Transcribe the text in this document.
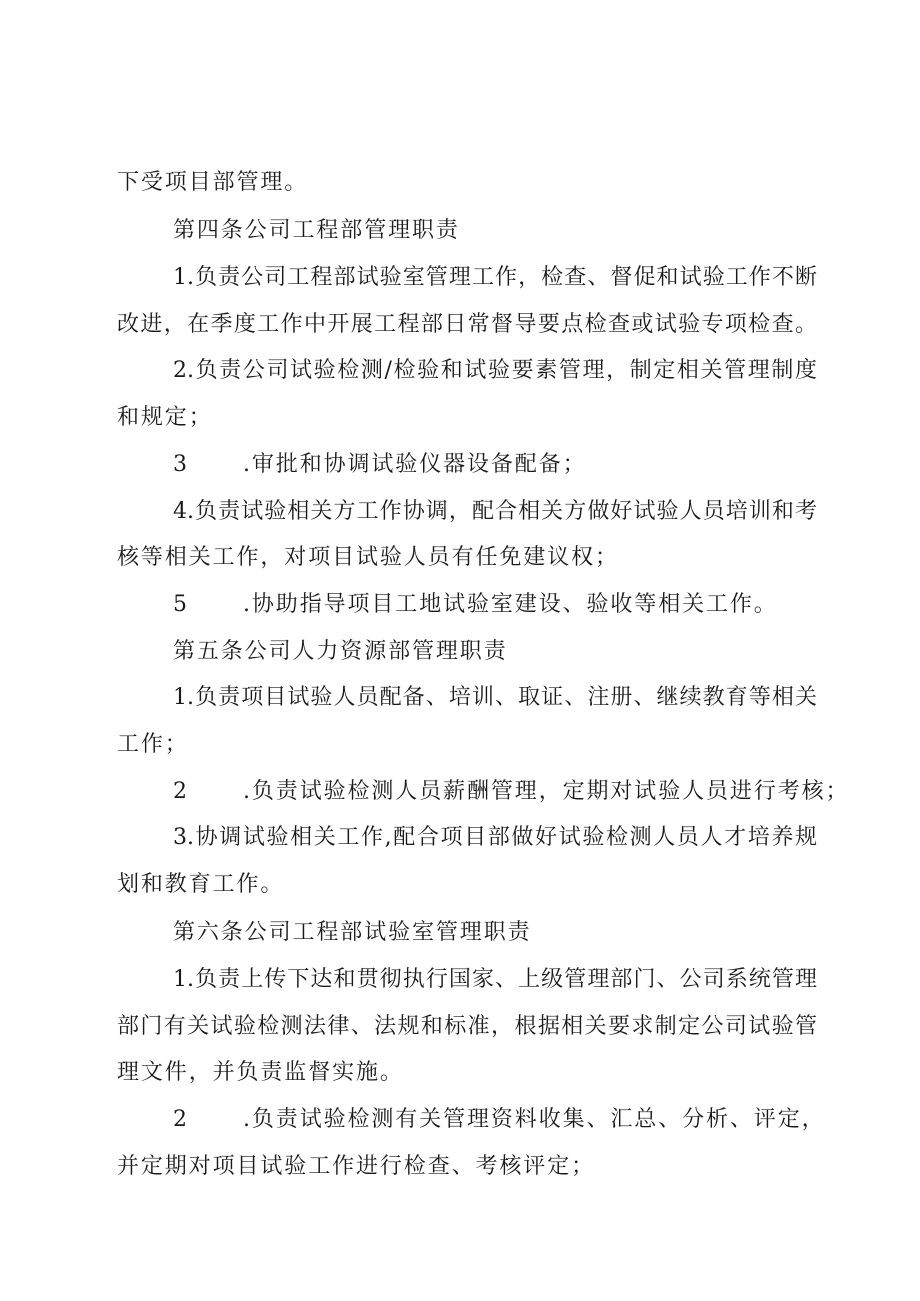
下受项目部管理。
第四条公司工程部管理职责
1.负责公司工程部试验室管理工作，检查、督促和试验工作不断
改进，在季度工作中开展工程部日常督导要点检查或试验专项检查。
2.负责公司试验检测/检验和试验要素管理，制定相关管理制度
和规定；
3	.审批和协调试验仪器设备配备；
4.负责试验相关方工作协调，配合相关方做好试验人员培训和考
核等相关工作，对项目试验人员有任免建议权；
5	.协助指导项目工地试验室建设、验收等相关工作。
第五条公司人力资源部管理职责
1.负责项目试验人员配备、培训、取证、注册、继续教育等相关
工作；
2	.负责试验检测人员薪酬管理，定期对试验人员进行考核；
3.协调试验相关工作,配合项目部做好试验检测人员人才培养规
划和教育工作。
第六条公司工程部试验室管理职责
1.负责上传下达和贯彻执行国家、上级管理部门、公司系统管理
部门有关试验检测法律、法规和标准，根据相关要求制定公司试验管
理文件，并负责监督实施。
2	.负责试验检测有关管理资料收集、汇总、分析、评定，
并定期对项目试验工作进行检查、考核评定；
